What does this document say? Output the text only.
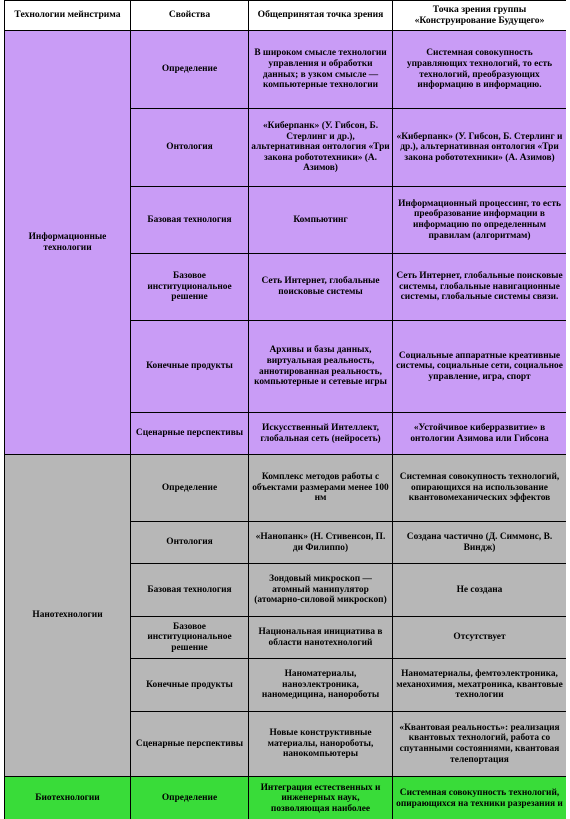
Технологии мейнстрима	Свойства	Общепринятая точка зрения	Точка зрения группы «Конструирование Будущего»
Информационные технологии	Определение	В широком смысле технологии управления и обработки данных; в узком смысле — компьютерные технологии	Системная совокупность управляющих технологий, то есть технологий, преобразующих информацию в информацию.
	Онтология	«Киберпанк» (У. Гибсон, Б. Стерлинг и др.), альтернативная онтология «Три закона робототехники» (А. Азимов)	«Киберпанк» (У. Гибсон, Б. Стерлинг и др.), альтернативная онтология «Три закона робототехники» (А. Азимов)
	Базовая технология	Компьютинг	Информационный процессинг, то есть преобразование информации в информацию по определенным правилам (алгоритмам)
	Базовое институциональное решение	Сеть Интернет, глобальные поисковые системы	Сеть Интернет, глобальные поисковые системы, глобальные навигационные системы, глобальные системы связи.
	Конечные продукты	Архивы и базы данных, виртуальная реальность, аннотированная реальность, компьютерные и сетевые игры	Социальные аппаратные креативные системы, социальные сети, социальное управление, игра, спорт
	Сценарные перспективы	Искусственный Интеллект, глобальная сеть (нейросеть)	«Устойчивое киберразвитие» в онтологии Азимова или Гибсона
Нанотехнологии	Определение	Комплекс методов работы с объектами размерами менее 100 нм	Системная совокупность технологий, опирающихся на использование квантовомеханических эффектов
	Онтология	«Нанопанк» (Н. Стивенсон, П. ди Филиппо)	Создана частично (Д. Симмонс, В. Виндж)
	Базовая технология	Зондовый микроскоп — атомный манипулятор (атомарно-силовой микроскоп)	Не создана
	Базовое институциональное решение	Национальная инициатива в области нанотехнологий	Отсутствует
	Конечные продукты	Наноматериалы, наноэлектроника, наномедицина, нанороботы	Наноматериалы, фемтоэлектроника, механохимия, мехатроника, квантовые технологии
	Сценарные перспективы	Новые конструктивные материалы, нанороботы, нанокомпьютеры	«Квантовая реальность»: реализация квантовых технологий, работа со спутанными состояниями, квантовая телепортация
Биотехнологии	Определение	Интеграция естественных и инженерных наук, позволяющая наиболее	Системная совокупность технологий, опирающихся на техники разрезания и
